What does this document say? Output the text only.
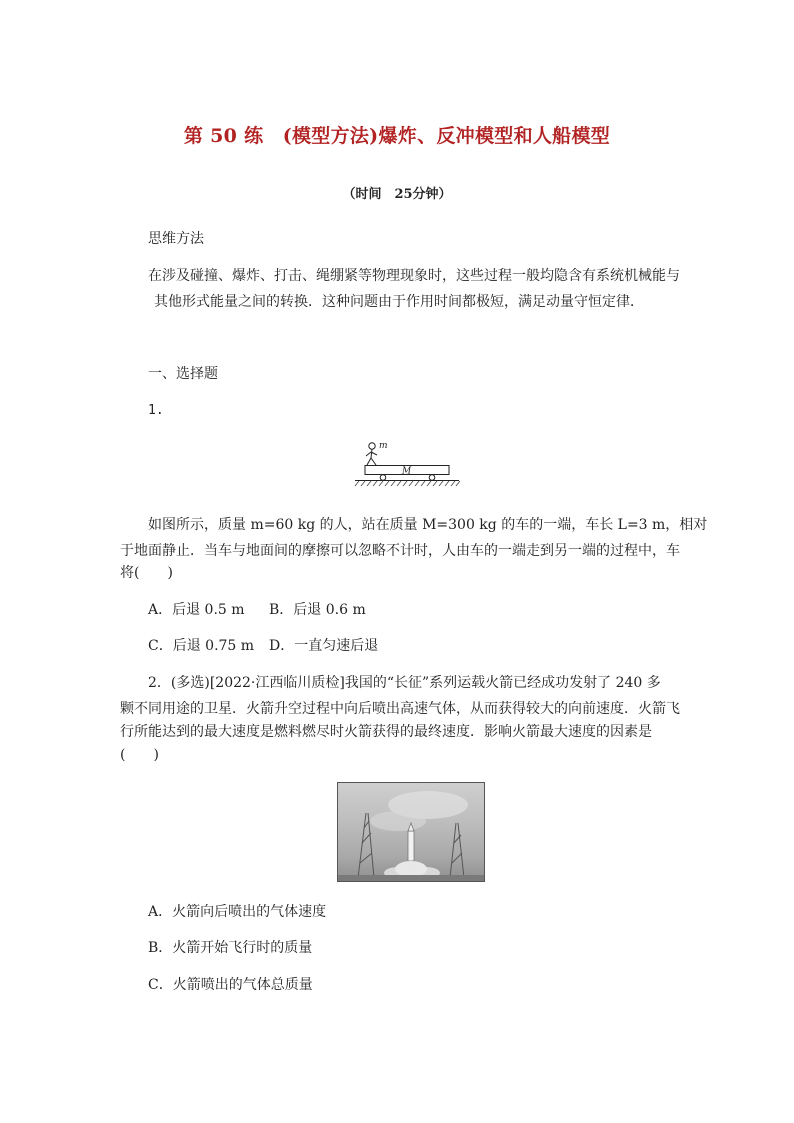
第 50 练　(模型方法)爆炸、反冲模型和人船模型
（时间　25分钟）
思维方法
在涉及碰撞、爆炸、打击、绳绷紧等物理现象时，这些过程一般均隐含有系统机械能与
其他形式能量之间的转换．这种问题由于作用时间都极短，满足动量守恒定律．
一、选择题
1.
m
M
如图所示，质量 m=60 kg 的人，站在质量 M=300 kg 的车的一端，车长 L=3 m，相对
于地面静止．当车与地面间的摩擦可以忽略不计时，人由车的一端走到另一端的过程中，车
将(　　)
A．后退 0.5 m B．后退 0.6 m
C．后退 0.75 m D．一直匀速后退
2．(多选)[2022·江西临川质检]我国的“长征”系列运载火箭已经成功发射了 240 多
颗不同用途的卫星．火箭升空过程中向后喷出高速气体，从而获得较大的向前速度．火箭飞
行所能达到的最大速度是燃料燃尽时火箭获得的最终速度．影响火箭最大速度的因素是
(　　)
A．火箭向后喷出的气体速度
B．火箭开始飞行时的质量
C．火箭喷出的气体总质量
